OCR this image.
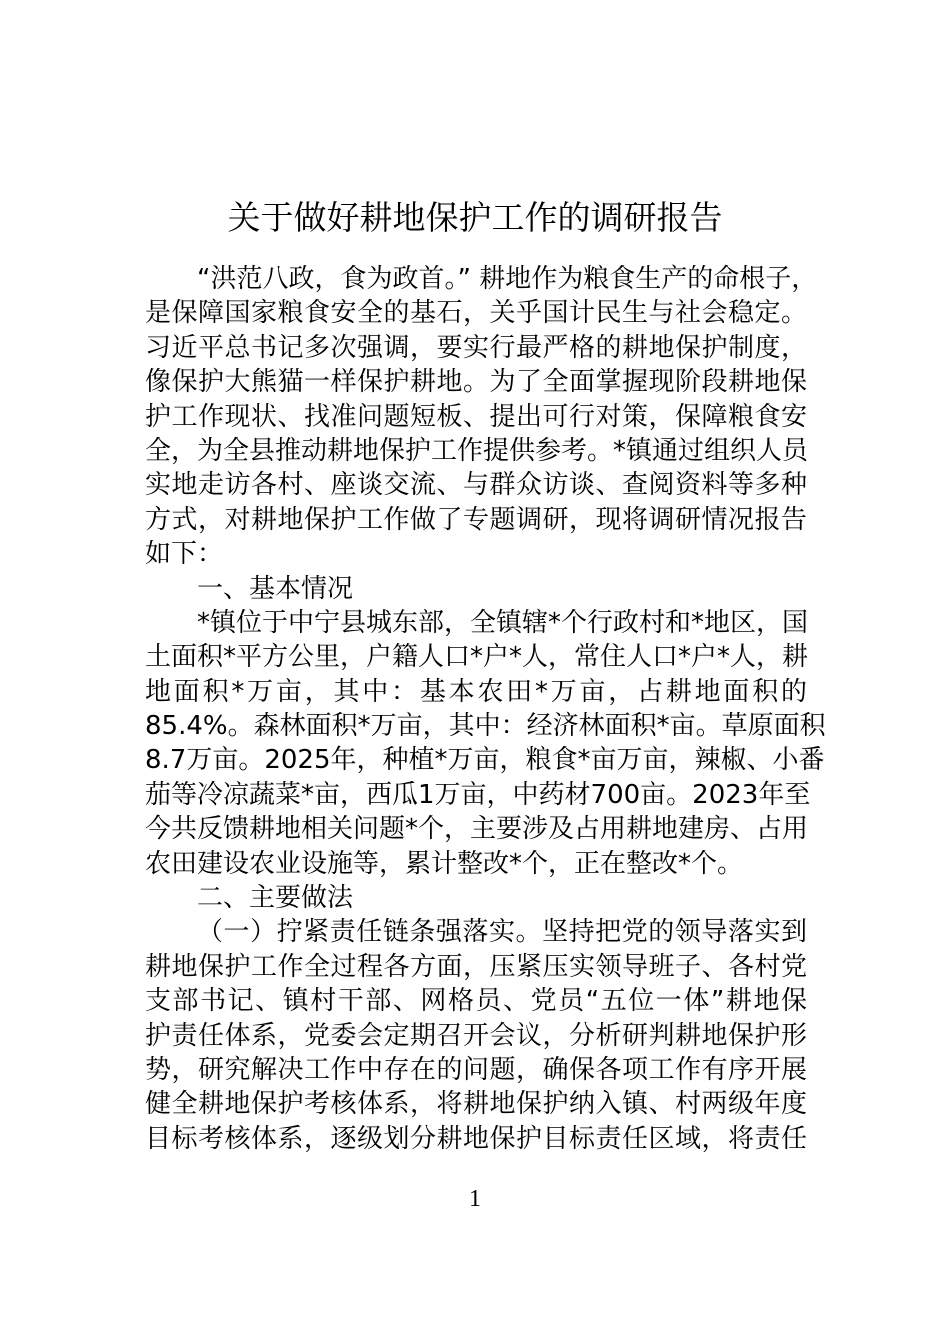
关于做好耕地保护工作的调研报告
“洪范八政，食为政首。” 耕地作为粮食生产的命根子，
是保障国家粮食安全的基石，关乎国计民生与社会稳定。
习近平总书记多次强调，要实行最严格的耕地保护制度，
像保护大熊猫一样保护耕地。为了全面掌握现阶段耕地保
护工作现状、找准问题短板、提出可行对策，保障粮食安
全，为全县推动耕地保护工作提供参考。*镇通过组织人员
实地走访各村、座谈交流、与群众访谈、查阅资料等多种
方式，对耕地保护工作做了专题调研，现将调研情况报告
如下：
一、基本情况
*镇位于中宁县城东部，全镇辖*个行政村和*地区，国
土面积*平方公里，户籍人口*户*人，常住人口*户*人，耕
地面积*万亩，其中：基本农田*万亩，占耕地面积的
85.4%。森林面积*万亩，其中：经济林面积*亩。草原面积
8.7万亩。2025年，种植*万亩，粮食*亩万亩，辣椒、小番
茄等冷凉蔬菜*亩，西瓜1万亩，中药材700亩。2023年至
今共反馈耕地相关问题*个，主要涉及占用耕地建房、占用
农田建设农业设施等，累计整改*个，正在整改*个。
二、主要做法
（一）拧紧责任链条强落实。坚持把党的领导落实到
耕地保护工作全过程各方面，压紧压实领导班子、各村党
支部书记、镇村干部、网格员、党员“五位一体”耕地保
护责任体系，党委会定期召开会议，分析研判耕地保护形
势，研究解决工作中存在的问题，确保各项工作有序开展
健全耕地保护考核体系，将耕地保护纳入镇、村两级年度
目标考核体系，逐级划分耕地保护目标责任区域，将责任
1
